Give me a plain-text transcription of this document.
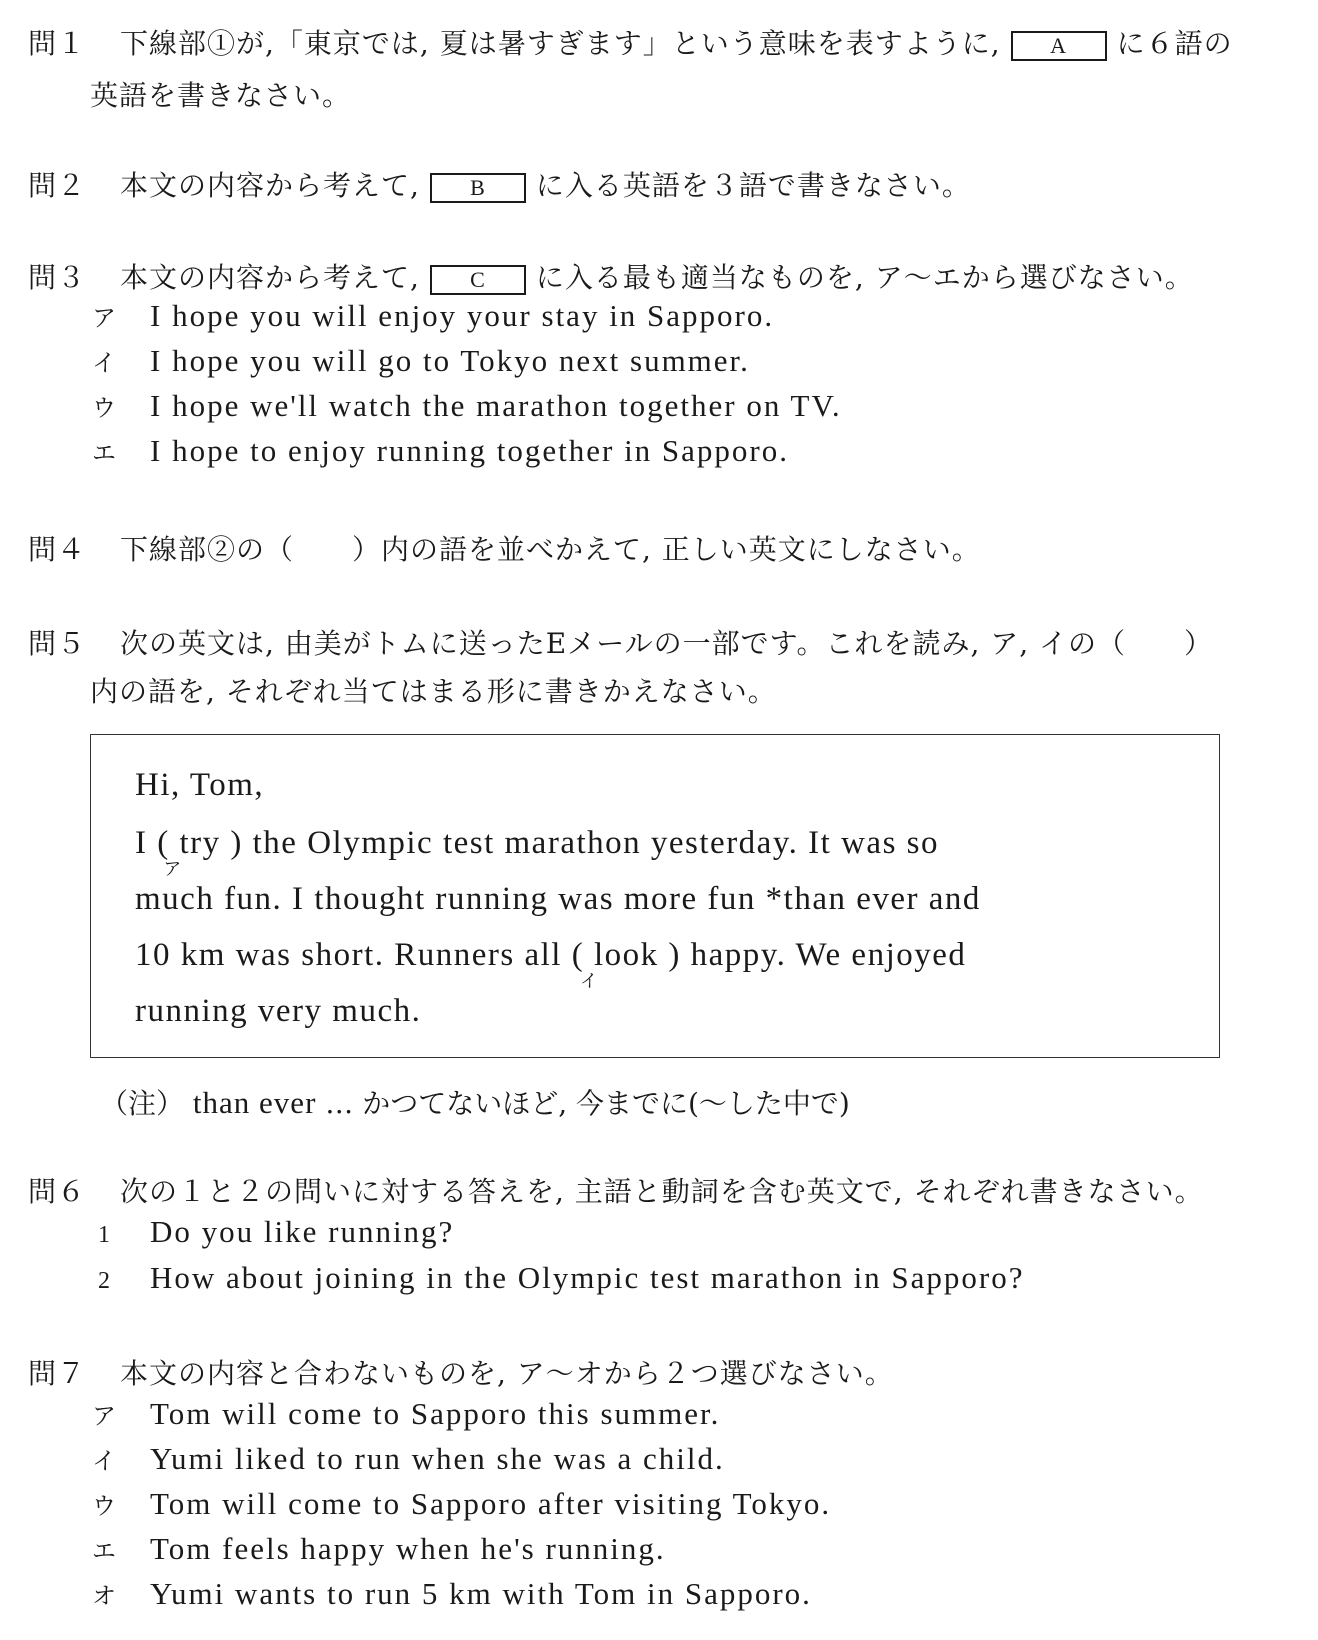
問１ 下線部①が,「東京では, 夏は暑すぎます」という意味を表すように, A に６語の
英語を書きなさい。
問２ 本文の内容から考えて, B に入る英語を３語で書きなさい。
問３ 本文の内容から考えて, C に入る最も適当なものを, ア～エから選びなさい。
ア I hope you will enjoy your stay in Sapporo.
イ I hope you will go to Tokyo next summer.
ウ I hope we'll watch the marathon together on TV.
エ I hope to enjoy running together in Sapporo.
問４ 下線部②の（　　）内の語を並べかえて, 正しい英文にしなさい。
問５ 次の英文は, 由美がトムに送ったEメールの一部です。これを読み, ア, イの（　　）
内の語を, それぞれ当てはまる形に書きかえなさい。
Hi, Tom,
I ( try )
ア
the Olympic test marathon yesterday. It was so
much fun. I thought running was more fun *than ever and
10 km was short. Runners all ( look )
イ
happy. We enjoyed
running very much.
（注） than ever … かつてないほど, 今までに(～した中で)
問６ 次の１と２の問いに対する答えを, 主語と動詞を含む英文で, それぞれ書きなさい。
1 Do you like running?
2 How about joining in the Olympic test marathon in Sapporo?
問７ 本文の内容と合わないものを, ア～オから２つ選びなさい。
ア Tom will come to Sapporo this summer.
イ Yumi liked to run when she was a child.
ウ Tom will come to Sapporo after visiting Tokyo.
エ Tom feels happy when he's running.
オ Yumi wants to run 5 km with Tom in Sapporo.
